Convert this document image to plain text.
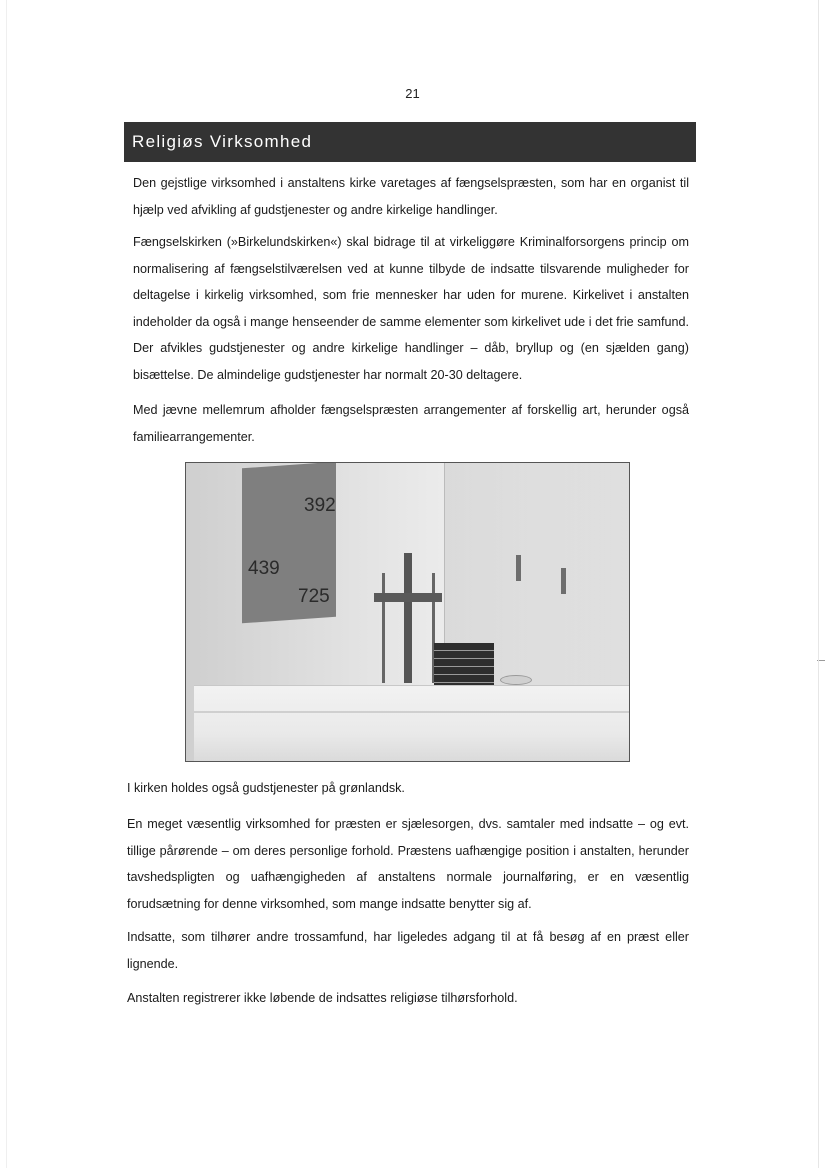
21
Religiøs Virksomhed

Den gejstlige virksomhed i anstaltens kirke varetages af fængselspræsten, som har en organist til hjælp ved afvikling af gudstjenester og andre kirkelige handlinger.

Fængselskirken (»Birkelundskirken«) skal bidrage til at virkeliggøre Kriminalforsorgens princip om normalisering af fængselstilværelsen ved at kunne tilbyde de indsatte tilsvarende muligheder for deltagelse i kirkelig virksomhed, som frie mennesker har uden for murene. Kirkelivet i anstalten indeholder da også i mange henseender de samme elementer som kirkelivet ude i det frie samfund. Der afvikles gudstjenester og andre kirkelige handlinger – dåb, bryllup og (en sjælden gang) bisættelse. De almindelige gudstjenester har normalt 20-30 deltagere.

Med jævne mellemrum afholder fængselspræsten arrangementer af forskellig art, herunder også familiearrangementer.

392
439
725

I kirken holdes også gudstjenester på grønlandsk.

En meget væsentlig virksomhed for præsten er sjælesorgen, dvs. samtaler med indsatte – og evt. tillige pårørende – om deres personlige forhold. Præstens uafhængige position i anstalten, herunder tavshedspligten og uafhængigheden af anstaltens normale journalføring, er en væsentlig forudsætning for denne virksomhed, som mange indsatte benytter sig af.

Indsatte, som tilhører andre trossamfund, har ligeledes adgang til at få besøg af en præst eller lignende.

Anstalten registrerer ikke løbende de indsattes religiøse tilhørsforhold.
